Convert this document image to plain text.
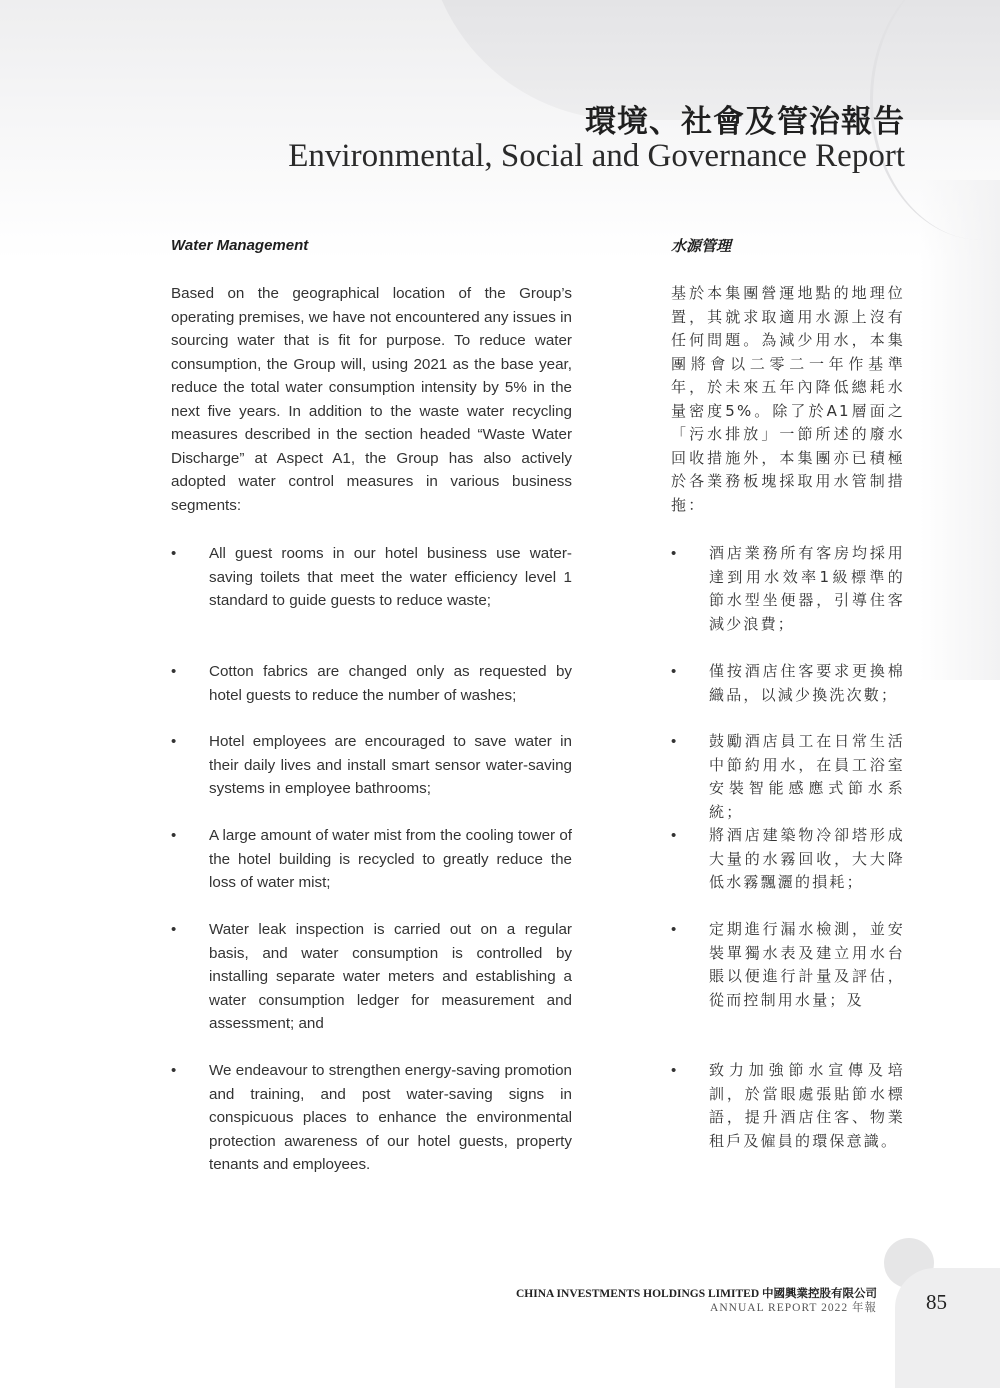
環境、社會及管治報告
Environmental, Social and Governance Report
Water Management

Based on the geographical location of the Group’s operating premises, we have not encountered any issues in sourcing water that is fit for purpose. To reduce water consumption, the Group will, using 2021 as the base year, reduce the total water consumption intensity by 5% in the next five years. In addition to the waste water recycling measures described in the section headed “Waste Water Discharge” at Aspect A1, the Group has also actively adopted water control measures in various business segments:

• All guest rooms in our hotel business use water-saving toilets that meet the water efficiency level 1 standard to guide guests to reduce waste;

• Cotton fabrics are changed only as requested by hotel guests to reduce the number of washes;

• Hotel employees are encouraged to save water in their daily lives and install smart sensor water-saving systems in employee bathrooms;

• A large amount of water mist from the cooling tower of the hotel building is recycled to greatly reduce the loss of water mist;

• Water leak inspection is carried out on a regular basis, and water consumption is controlled by installing separate water meters and establishing a water consumption ledger for measurement and assessment; and

• We endeavour to strengthen energy-saving promotion and training, and post water-saving signs in conspicuous places to enhance the environmental protection awareness of our hotel guests, property tenants and employees.

水源管理

基於本集團營運地點的地理位置，其就求取適用水源上沒有任何問題。為減少用水，本集團將會以二零二一年作基準年，於未來五年內降低總耗水量密度5%。除了於A1層面之「污水排放」一節所述的廢水回收措施外，本集團亦已積極於各業務板塊採取用水管制措拖：

• 酒店業務所有客房均採用達到用水效率1級標準的節水型坐便器，引導住客減少浪費；

• 僅按酒店住客要求更換棉織品，以減少換洗次數；

• 鼓勵酒店員工在日常生活中節約用水，在員工浴室安裝智能感應式節水系統；

• 將酒店建築物冷卻塔形成大量的水霧回收，大大降低水霧飄灑的損耗；

• 定期進行漏水檢測，並安裝單獨水表及建立用水台賬以便進行計量及評估，從而控制用水量；及

• 致力加強節水宣傳及培訓，於當眼處張貼節水標語，提升酒店住客、物業租戶及僱員的環保意識。

CHINA INVESTMENTS HOLDINGS LIMITED 中國興業控股有限公司
ANNUAL REPORT 2022 年報 85
